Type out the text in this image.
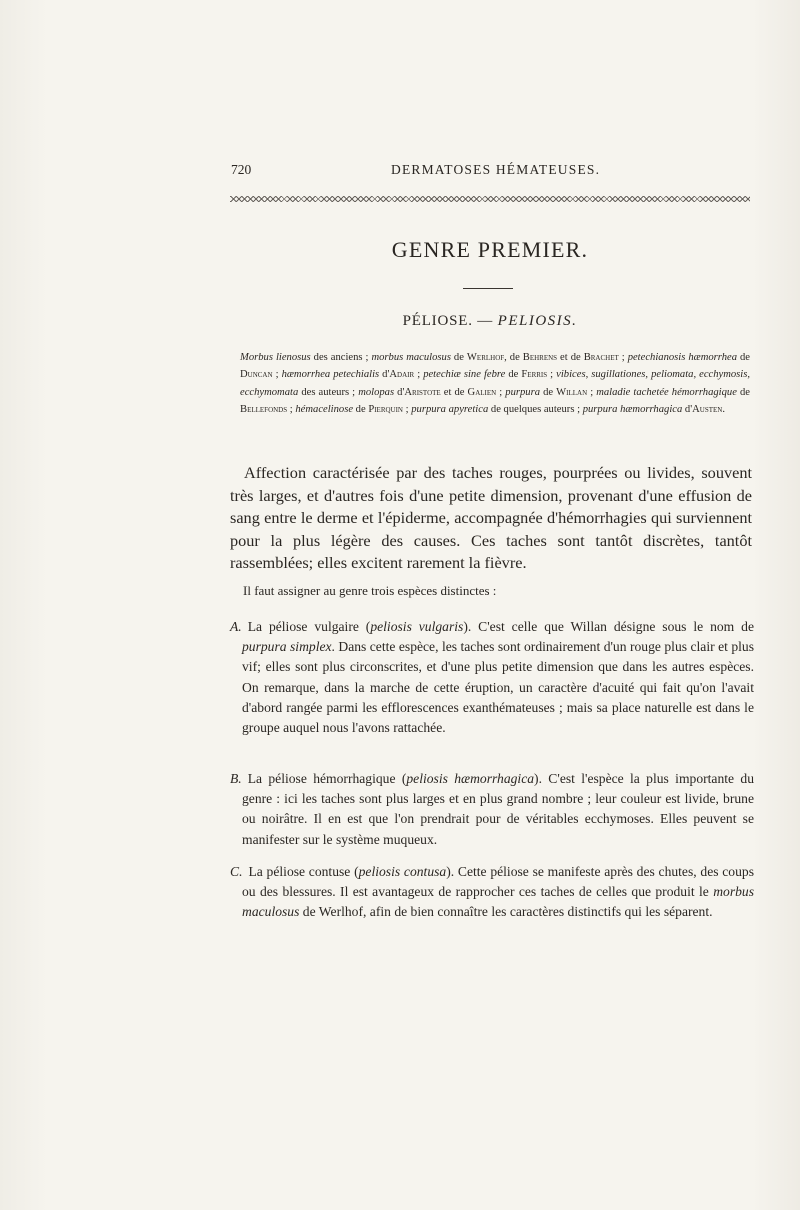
720	DERMATOSES HÉMATEUSES.
GENRE PREMIER.
PÉLIOSE. — PELIOSIS.

Morbus lienosus des anciens ; morbus maculosus de Werlhof, de Behrens et de Brachet ; petechianosis hæmorrhea de Duncan ; hæmorrhea petechialis d'Adair ; petechiæ sine febre de Ferris ; vibices, sugillationes, peliomata, ecchymosis, ecchymomata des auteurs ; molopas d'Aristote et de Galien ; purpura de Willan ; maladie tachetée hémorrhagique de Bellefonds ; hémacelinose de Pierquin ; purpura apyretica de quelques auteurs ; purpura hæmorrhagica d'Austen.

Affection caractérisée par des taches rouges, pourprées ou livides, souvent très larges, et d'autres fois d'une petite dimension, provenant d'une effusion de sang entre le derme et l'épiderme, accompagnée d'hémorrhagies qui surviennent pour la plus légère des causes. Ces taches sont tantôt discrètes, tantôt rassemblées; elles excitent rarement la fièvre.

Il faut assigner au genre trois espèces distinctes :

A. La péliose vulgaire (peliosis vulgaris). C'est celle que Willan désigne sous le nom de purpura simplex. Dans cette espèce, les taches sont ordinairement d'un rouge plus clair et plus vif; elles sont plus circonscrites, et d'une plus petite dimension que dans les autres espèces. On remarque, dans la marche de cette éruption, un caractère d'acuité qui fait qu'on l'avait d'abord rangée parmi les efflorescences exanthémateuses ; mais sa place naturelle est dans le groupe auquel nous l'avons rattachée.

B. La péliose hémorrhagique (peliosis hæmorrhagica). C'est l'espèce la plus importante du genre : ici les taches sont plus larges et en plus grand nombre ; leur couleur est livide, brune ou noirâtre. Il en est que l'on prendrait pour de véritables ecchymoses. Elles peuvent se manifester sur le système muqueux.

C. La péliose contuse (peliosis contusa). Cette péliose se manifeste après des chutes, des coups ou des blessures. Il est avantageux de rapprocher ces taches de celles que produit le morbus maculosus de Werlhof, afin de bien connaître les caractères distinctifs qui les séparent.
